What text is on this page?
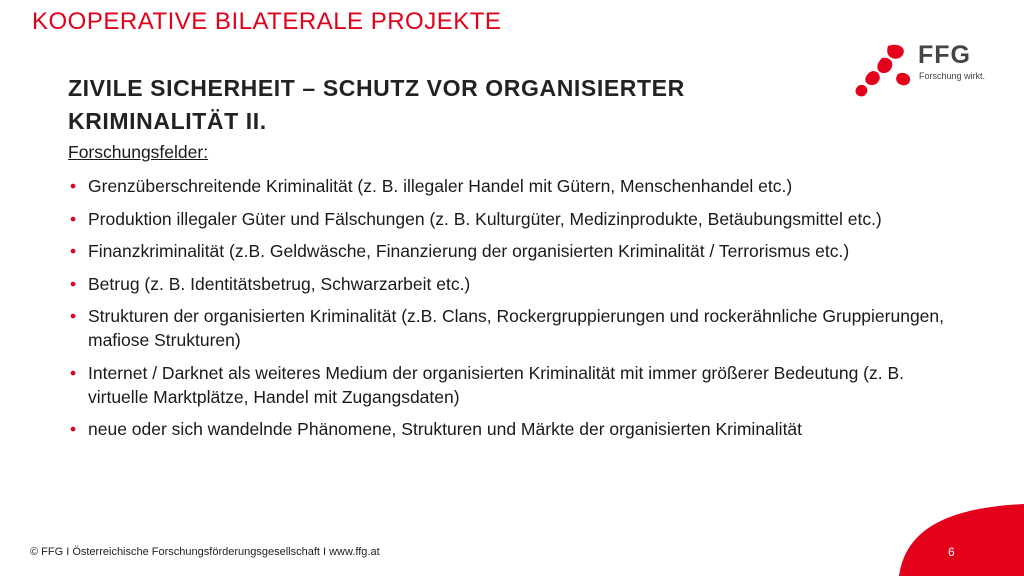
KOOPERATIVE BILATERALE PROJEKTE
FFG
Forschung wirkt.
ZIVILE SICHERHEIT – SCHUTZ VOR ORGANISIERTER
KRIMINALITÄT II.
Forschungsfelder:
• Grenzüberschreitende Kriminalität (z. B. illegaler Handel mit Gütern, Menschenhandel etc.)
• Produktion illegaler Güter und Fälschungen (z. B. Kulturgüter, Medizinprodukte, Betäubungsmittel etc.)
• Finanzkriminalität (z.B. Geldwäsche, Finanzierung der organisierten Kriminalität / Terrorismus etc.)
• Betrug (z. B. Identitätsbetrug, Schwarzarbeit etc.)
• Strukturen der organisierten Kriminalität (z.B. Clans, Rockergruppierungen und rockerähnliche Gruppierungen, mafiose Strukturen)
• Internet / Darknet als weiteres Medium der organisierten Kriminalität mit immer größerer Bedeutung (z. B. virtuelle Marktplätze, Handel mit Zugangsdaten)
• neue oder sich wandelnde Phänomene, Strukturen und Märkte der organisierten Kriminalität
© FFG I Österreichische Forschungsförderungsgesellschaft I www.ffg.at	6
